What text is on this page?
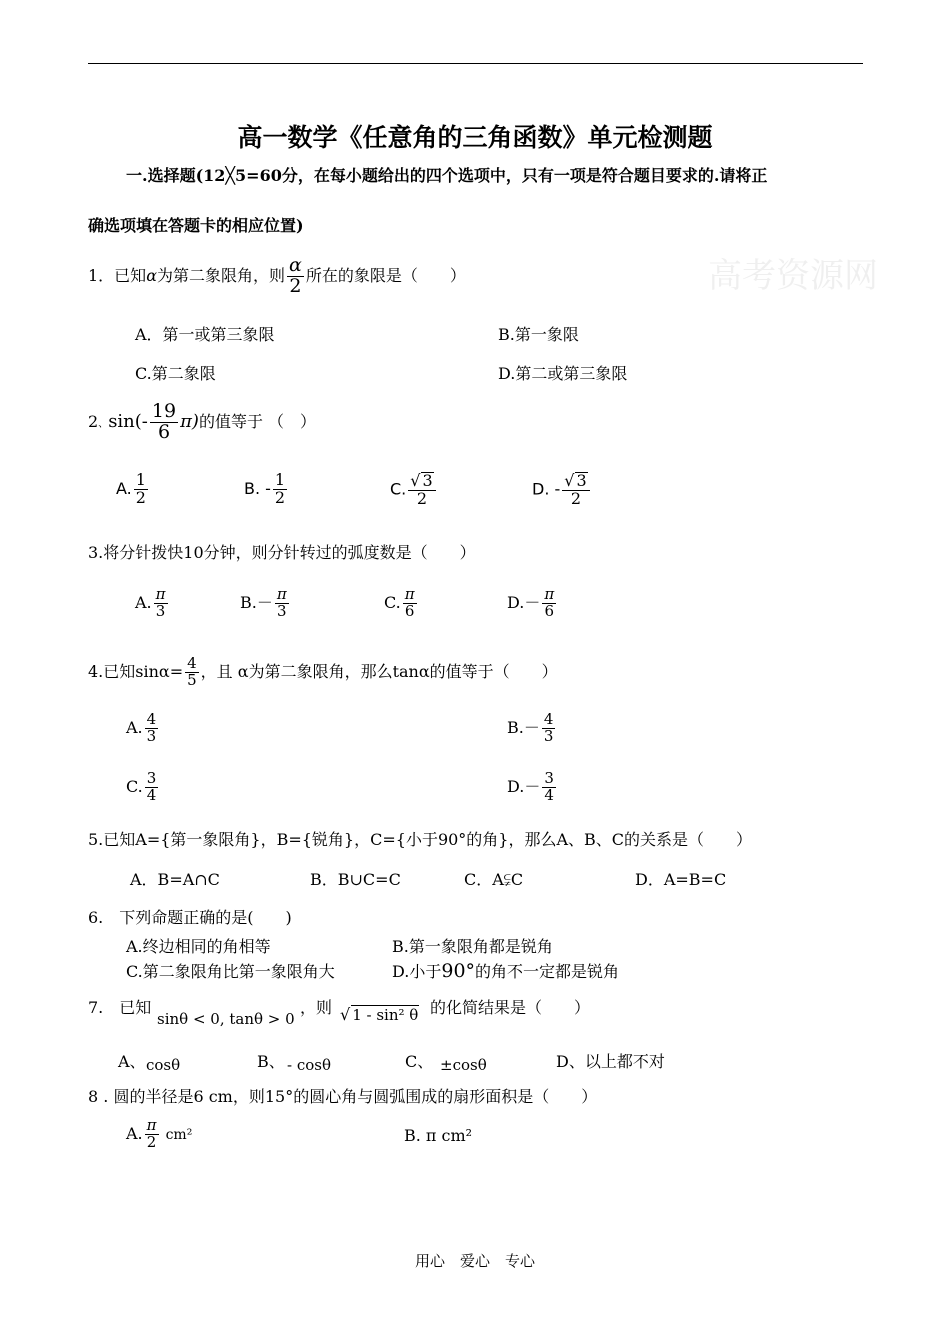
高一数学《任意角的三角函数》单元检测题
一.选择题(12╳5=60分，在每小题给出的四个选项中，只有一项是符合题目要求的.请将正
确选项填在答题卡的相应位置)
高考资源网
1．已知α为第二象限角，则 $\frac{\alpha}{2}$ 所在的象限是（　　）
A．第一或第三象限	B.第一象限
C.第二象限	D.第二或第三象限
2、$\sin(- \frac{19}{6} \pi)$的值等于 （　）
A. $\frac{1}{2}$	B. - $\frac{1}{2}$	C. $\frac{√ 3}{2}$	D. - $\frac{√ 3}{2}$
3.将分针拨快10分钟，则分针转过的弧度数是（　　）
A. $\frac{\pi}{3}$	$B.- \frac{\pi}{3}$	C. $\frac{\pi}{6}$	$D.- \frac{\pi}{6}$
4.已知$\sin\alpha= \frac{4}{5}$ ，且 α为第二象限角，那么tanα的值等于（　　）
A. $\frac{4}{3}$	$B.- \frac{4}{3}$
C. $\frac{3}{4}$	$D.- \frac{3}{4}$
5.已知A={第一象限角}，B={锐角}，C={小于90°的角}，那么A、B、C的关系是（　　）
A．B=A∩C	B．B∪C=C	C．A⫋C	D．A=B=C
6.　下列命题正确的是(　　)
A.终边相同的角相等	B.第一象限角都是锐角
C.第二象限角比第一象限角大	D.小于90°的角不一定都是锐角
7.　已知
sinθ < 0, tanθ > 0
，则 √ 1 - sin² θ 的化简结果是（　　）
A、 cosθ	B、 - cosθ	C、 ±cosθ	D、以上都不对
8 . 圆的半径是6 cm，则15°的圆心角与圆弧围成的扇形面积是（　　）
A. $\frac{\pi}{2} cm^2$	B. π cm²
用心　爱心　专心
